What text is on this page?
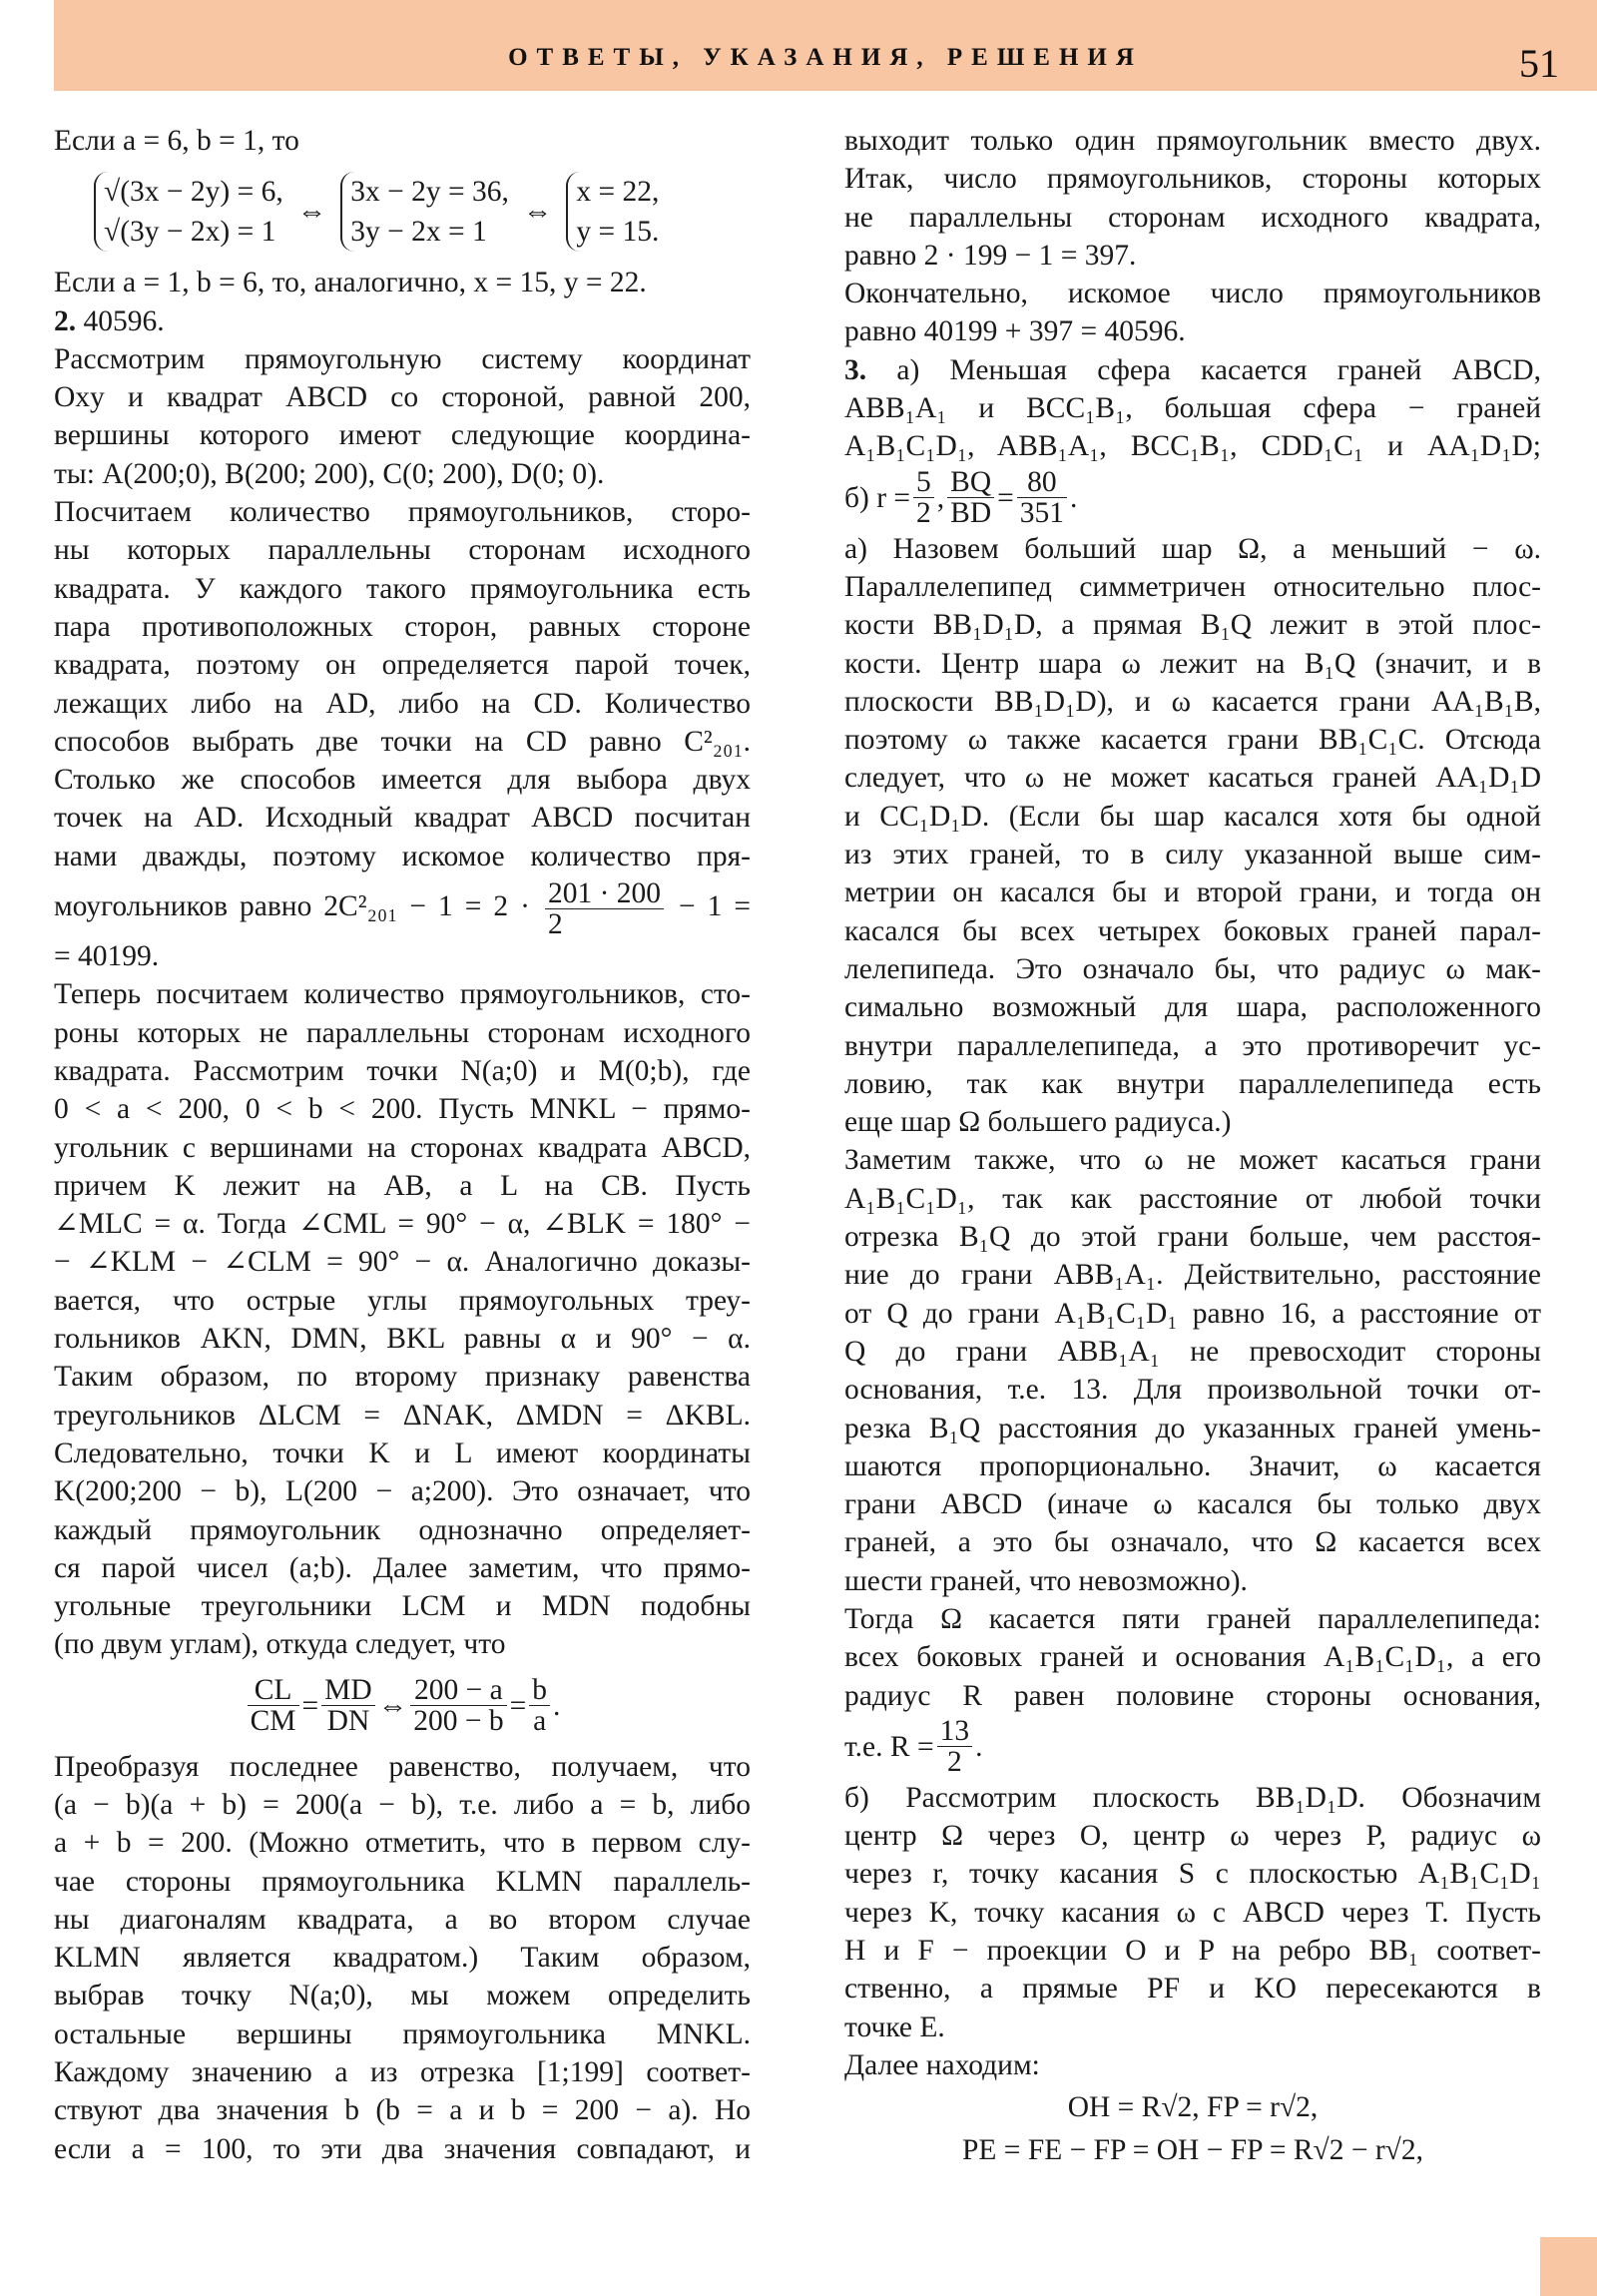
ОТВЕТЫ, УКАЗАНИЯ, РЕШЕНИЯ	51
Если a = 6, b = 1, то
√(3x − 2y) = 6,
√(3y − 2x) = 1
⇔
3x − 2y = 36,
3y − 2x = 1
⇔
x = 22,
y = 15.
Если a = 1, b = 6, то, аналогично, x = 15, y = 22.
2. 40596.
Рассмотрим прямоугольную систему координат
Oxy и квадрат ABCD со стороной, равной 200,
вершины которого имеют следующие координа-
ты: A(200;0), B(200; 200), C(0; 200), D(0; 0).
Посчитаем количество прямоугольников, сторо-
ны которых параллельны сторонам исходного
квадрата. У каждого такого прямоугольника есть
пара противоположных сторон, равных стороне
квадрата, поэтому он определяется парой точек,
лежащих либо на AD, либо на CD. Количество
способов выбрать две точки на CD равно C²₂₀₁.
Столько же способов имеется для выбора двух
точек на AD. Исходный квадрат ABCD посчитан
нами дважды, поэтому искомое количество пря-
моугольников равно $2C^2_{201} - 1 = 2 \cdot \frac{201 \cdot 200}{2} - 1$ =
= 40199.
Теперь посчитаем количество прямоугольников, сто-
роны которых не параллельны сторонам исходного
квадрата. Рассмотрим точки N(a;0) и M(0;b), где
0 < a < 200, 0 < b < 200. Пусть MNKL − прямо-
угольник с вершинами на сторонах квадрата ABCD,
причем K лежит на AB, а L на CB. Пусть
∠MLC = α. Тогда ∠CML = 90° − α, ∠BLK = 180° −
− ∠KLM − ∠CLM = 90° − α. Аналогично доказы-
вается, что острые углы прямоугольных треу-
гольников AKN, DMN, BKL равны α и 90° − α.
Таким образом, по второму признаку равенства
треугольников ΔLCM = ΔNAK, ΔMDN = ΔKBL.
Следовательно, точки K и L имеют координаты
K(200;200 − b), L(200 − a;200). Это означает, что
каждый прямоугольник однозначно определяет-
ся парой чисел (a;b). Далее заметим, что прямо-
угольные треугольники LCM и MDN подобны
(по двум углам), откуда следует, что
$\frac{CL}{CM} = \frac{MD}{DN}$ ⇔ $\frac{200 - a}{200 - b} = \frac{b}{a}$ .
Преобразуя последнее равенство, получаем, что
(a − b)(a + b) = 200(a − b), т.е. либо a = b, либо
a + b = 200. (Можно отметить, что в первом слу-
чае стороны прямоугольника KLMN параллель-
ны диагоналям квадрата, а во втором случае
KLMN является квадратом.) Таким образом,
выбрав точку N(a;0), мы можем определить
остальные вершины прямоугольника MNKL.
Каждому значению a из отрезка [1;199] соответ-
ствуют два значения b (b = a и b = 200 − a). Но
если a = 100, то эти два значения совпадают, и
выходит только один прямоугольник вместо двух.
Итак, число прямоугольников, стороны которых
не параллельны сторонам исходного квадрата,
равно 2 · 199 − 1 = 397.
Окончательно, искомое число прямоугольников
равно 40199 + 397 = 40596.
3. а) Меньшая сфера касается граней ABCD,
ABB₁A₁ и BCC₁B₁, большая сфера − граней
A₁B₁C₁D₁, ABB₁A₁, BCC₁B₁, CDD₁C₁ и AA₁D₁D;
б) $r = \frac{5}{2}$ , $\frac{BQ}{BD} = \frac{80}{351}$ .
а) Назовем больший шар Ω, а меньший − ω.
Параллелепипед симметричен относительно плос-
кости BB₁D₁D, а прямая B₁Q лежит в этой плос-
кости. Центр шара ω лежит на B₁Q (значит, и в
плоскости BB₁D₁D), и ω касается грани AA₁B₁B,
поэтому ω также касается грани BB₁C₁C. Отсюда
следует, что ω не может касаться граней AA₁D₁D
и CC₁D₁D. (Если бы шар касался хотя бы одной
из этих граней, то в силу указанной выше сим-
метрии он касался бы и второй грани, и тогда он
касался бы всех четырех боковых граней парал-
лелепипеда. Это означало бы, что радиус ω мак-
симально возможный для шара, расположенного
внутри параллелепипеда, а это противоречит ус-
ловию, так как внутри параллелепипеда есть
еще шар Ω большего радиуса.)
Заметим также, что ω не может касаться грани
A₁B₁C₁D₁, так как расстояние от любой точки
отрезка B₁Q до этой грани больше, чем расстоя-
ние до грани ABB₁A₁. Действительно, расстояние
от Q до грани A₁B₁C₁D₁ равно 16, а расстояние от
Q до грани ABB₁A₁ не превосходит стороны
основания, т.е. 13. Для произвольной точки от-
резка B₁Q расстояния до указанных граней умень-
шаются пропорционально. Значит, ω касается
грани ABCD (иначе ω касался бы только двух
граней, а это бы означало, что Ω касается всех
шести граней, что невозможно).
Тогда Ω касается пяти граней параллелепипеда:
всех боковых граней и основания A₁B₁C₁D₁, а его
радиус R равен половине стороны основания,
т.е. $R = \frac{13}{2}$ .
б) Рассмотрим плоскость BB₁D₁D. Обозначим
центр Ω через O, центр ω через P, радиус ω
через r, точку касания S с плоскостью A₁B₁C₁D₁
через K, точку касания ω с ABCD через T. Пусть
H и F − проекции O и P на ребро BB₁ соответ-
ственно, а прямые PF и KO пересекаются в
точке E.
Далее находим:
OH = R√2, FP = r√2,
PE = FE − FP = OH − FP = R√2 − r√2,
